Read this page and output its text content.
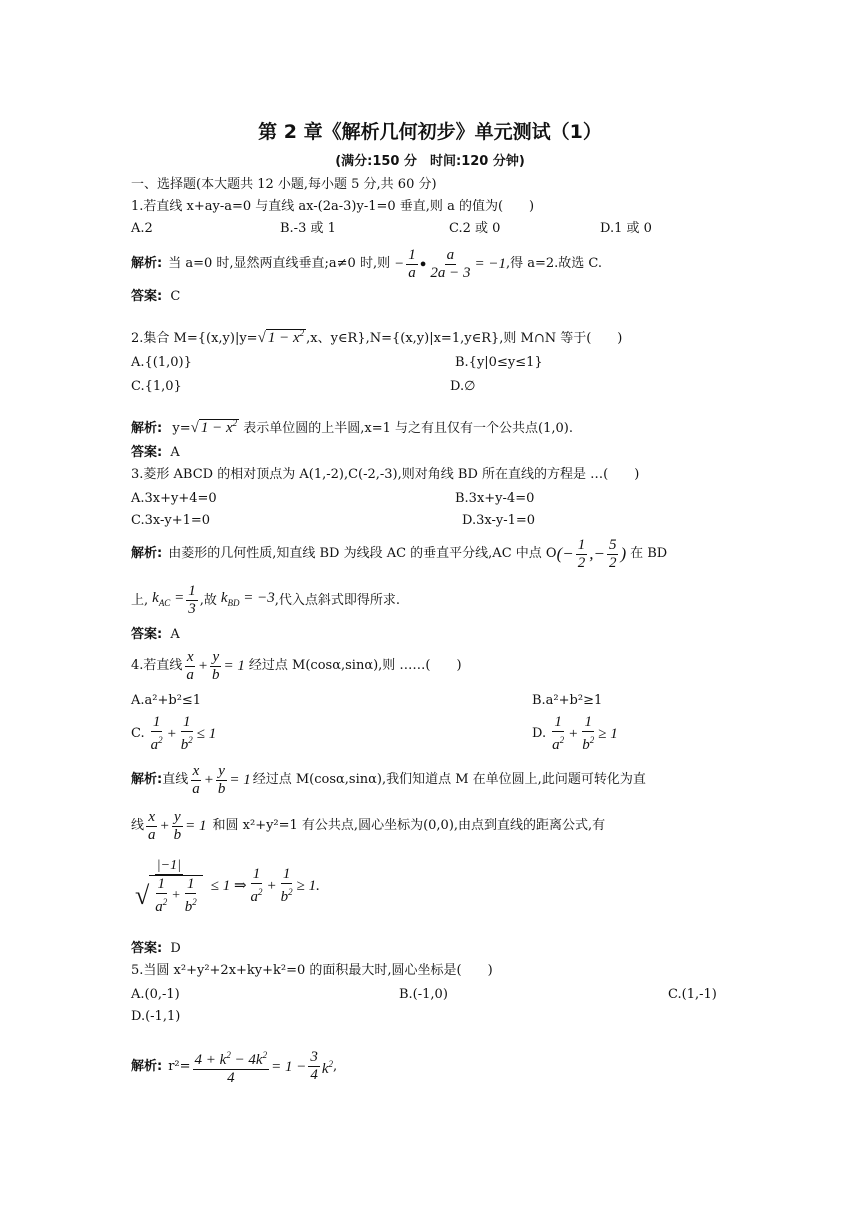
第 2 章《解析几何初步》单元测试（1）
(满分:150 分　时间:120 分钟)
一、选择题(本大题共 12 小题,每小题 5 分,共 60 分)
1.若直线 x+ay-a=0 与直线 ax-(2a-3)y-1=0 垂直,则 a 的值为(　　)
A.2	B.-3 或 1	C.2 或 0	D.1 或 0
解析: 当 a=0 时,显然两直线垂直;a≠0 时,则 − $\frac{1}{a}$ ● $\frac{a}{2a - 3} = -1$ ,得 a=2.故选 C.
答案: C
2.集合 M={(x,y)|y=√ $1 - x^2$ ,x、y∈R},N={(x,y)|x=1,y∈R},则 M∩N 等于(　　)
A.{(1,0)}	B.{y|0≤y≤1}
C.{1,0}	D.∅
解析: y=√ $1 - x^2$ 表示单位圆的上半圆,x=1 与之有且仅有一个公共点(1,0).
答案: A
3.菱形 ABCD 的相对顶点为 A(1,-2),C(-2,-3),则对角线 BD 所在直线的方程是 …(　　)
A.3x+y+4=0	B.3x+y-4=0
C.3x-y+1=0	D.3x-y-1=0
解析: 由菱形的几何性质,知直线 BD 为线段 AC 的垂直平分线,AC 中点 O (− $\frac{1}{2}$ ,− $\frac{5}{2}$ ) 在 BD
上, $k_{AC} = \frac{1}{3}$ ,故 $k_{BD} = -3$ ,代入点斜式即得所求.
答案: A
4.若直线 $\frac{x}{a} + \frac{y}{b} = 1$ 经过点 M(cosα,sinα),则 ……(　　)
A.a²+b²≤1	B.a²+b²≥1
C. $\frac{1}{a^2} + \frac{1}{b^2} \le 1$	D. $\frac{1}{a^2} + \frac{1}{b^2} \ge 1$
解析: 直线 $\frac{x}{a} + \frac{y}{b} = 1$ 经过点 M(cosα,sinα),我们知道点 M 在单位圆上,此问题可转化为直
线 $\frac{x}{a} + \frac{y}{b} = 1$ 和圆 x²+y²=1 有公共点,圆心坐标为(0,0),由点到直线的距离公式,有
$\frac{|-1|}{√ \frac{1}{a^2} + \frac{1}{b^2}} \le 1$ ⇒ $\frac{1}{a^2} + \frac{1}{b^2} \ge 1$.
答案: D
5.当圆 x²+y²+2x+ky+k²=0 的面积最大时,圆心坐标是(　　)
A.(0,-1)	B.(-1,0)	C.(1,-1)
D.(-1,1)
解析: $r^2= \frac{4 + k^2 - 4k^2}{4} = 1 - \frac{3}{4} k^2$ ,
